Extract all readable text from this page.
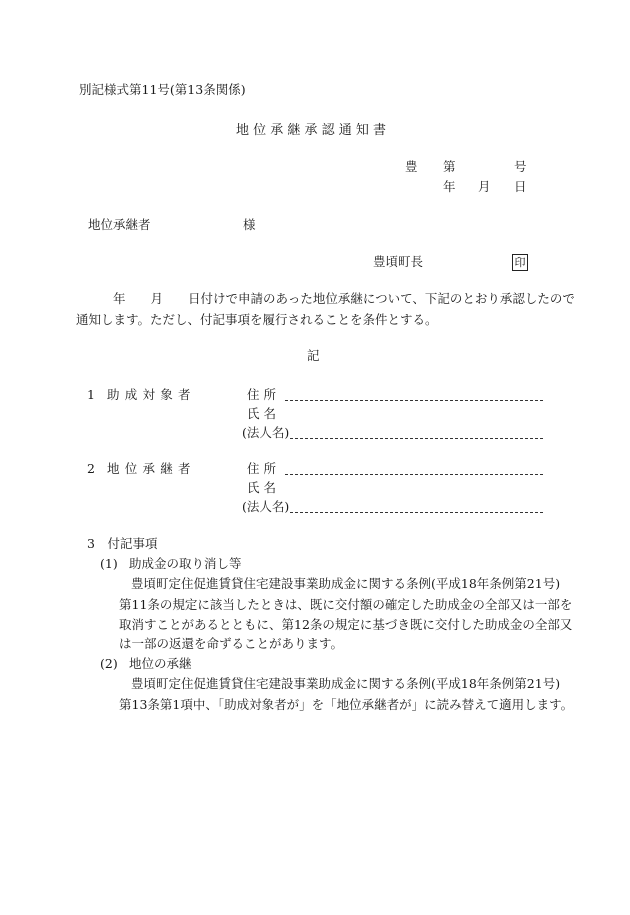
別記様式第11号(第13条関係)
地 位 承 継 承 認 通 知 書
豊 第	号
年 月 日
地位承継者	様
豊頃町長	印
年　　月　　日付けで申請のあった地位承継について、下記のとおり承認したので
通知します。ただし、付記事項を履行されることを条件とする。
記
1 助成対象者	住 所
氏 名
(法人名)
2 地位承継者	住 所
氏 名
(法人名)
3　付記事項
(1) 助成金の取り消し等
豊頃町定住促進賃貸住宅建設事業助成金に関する条例(平成18年条例第21号)
第11条の規定に該当したときは、既に交付額の確定した助成金の全部又は一部を
取消すことがあるとともに、第12条の規定に基づき既に交付した助成金の全部又
は一部の返還を命ずることがあります。
(2) 地位の承継
豊頃町定住促進賃貸住宅建設事業助成金に関する条例(平成18年条例第21号)
第13条第1項中、「助成対象者が」を「地位承継者が」に読み替えて適用します。
